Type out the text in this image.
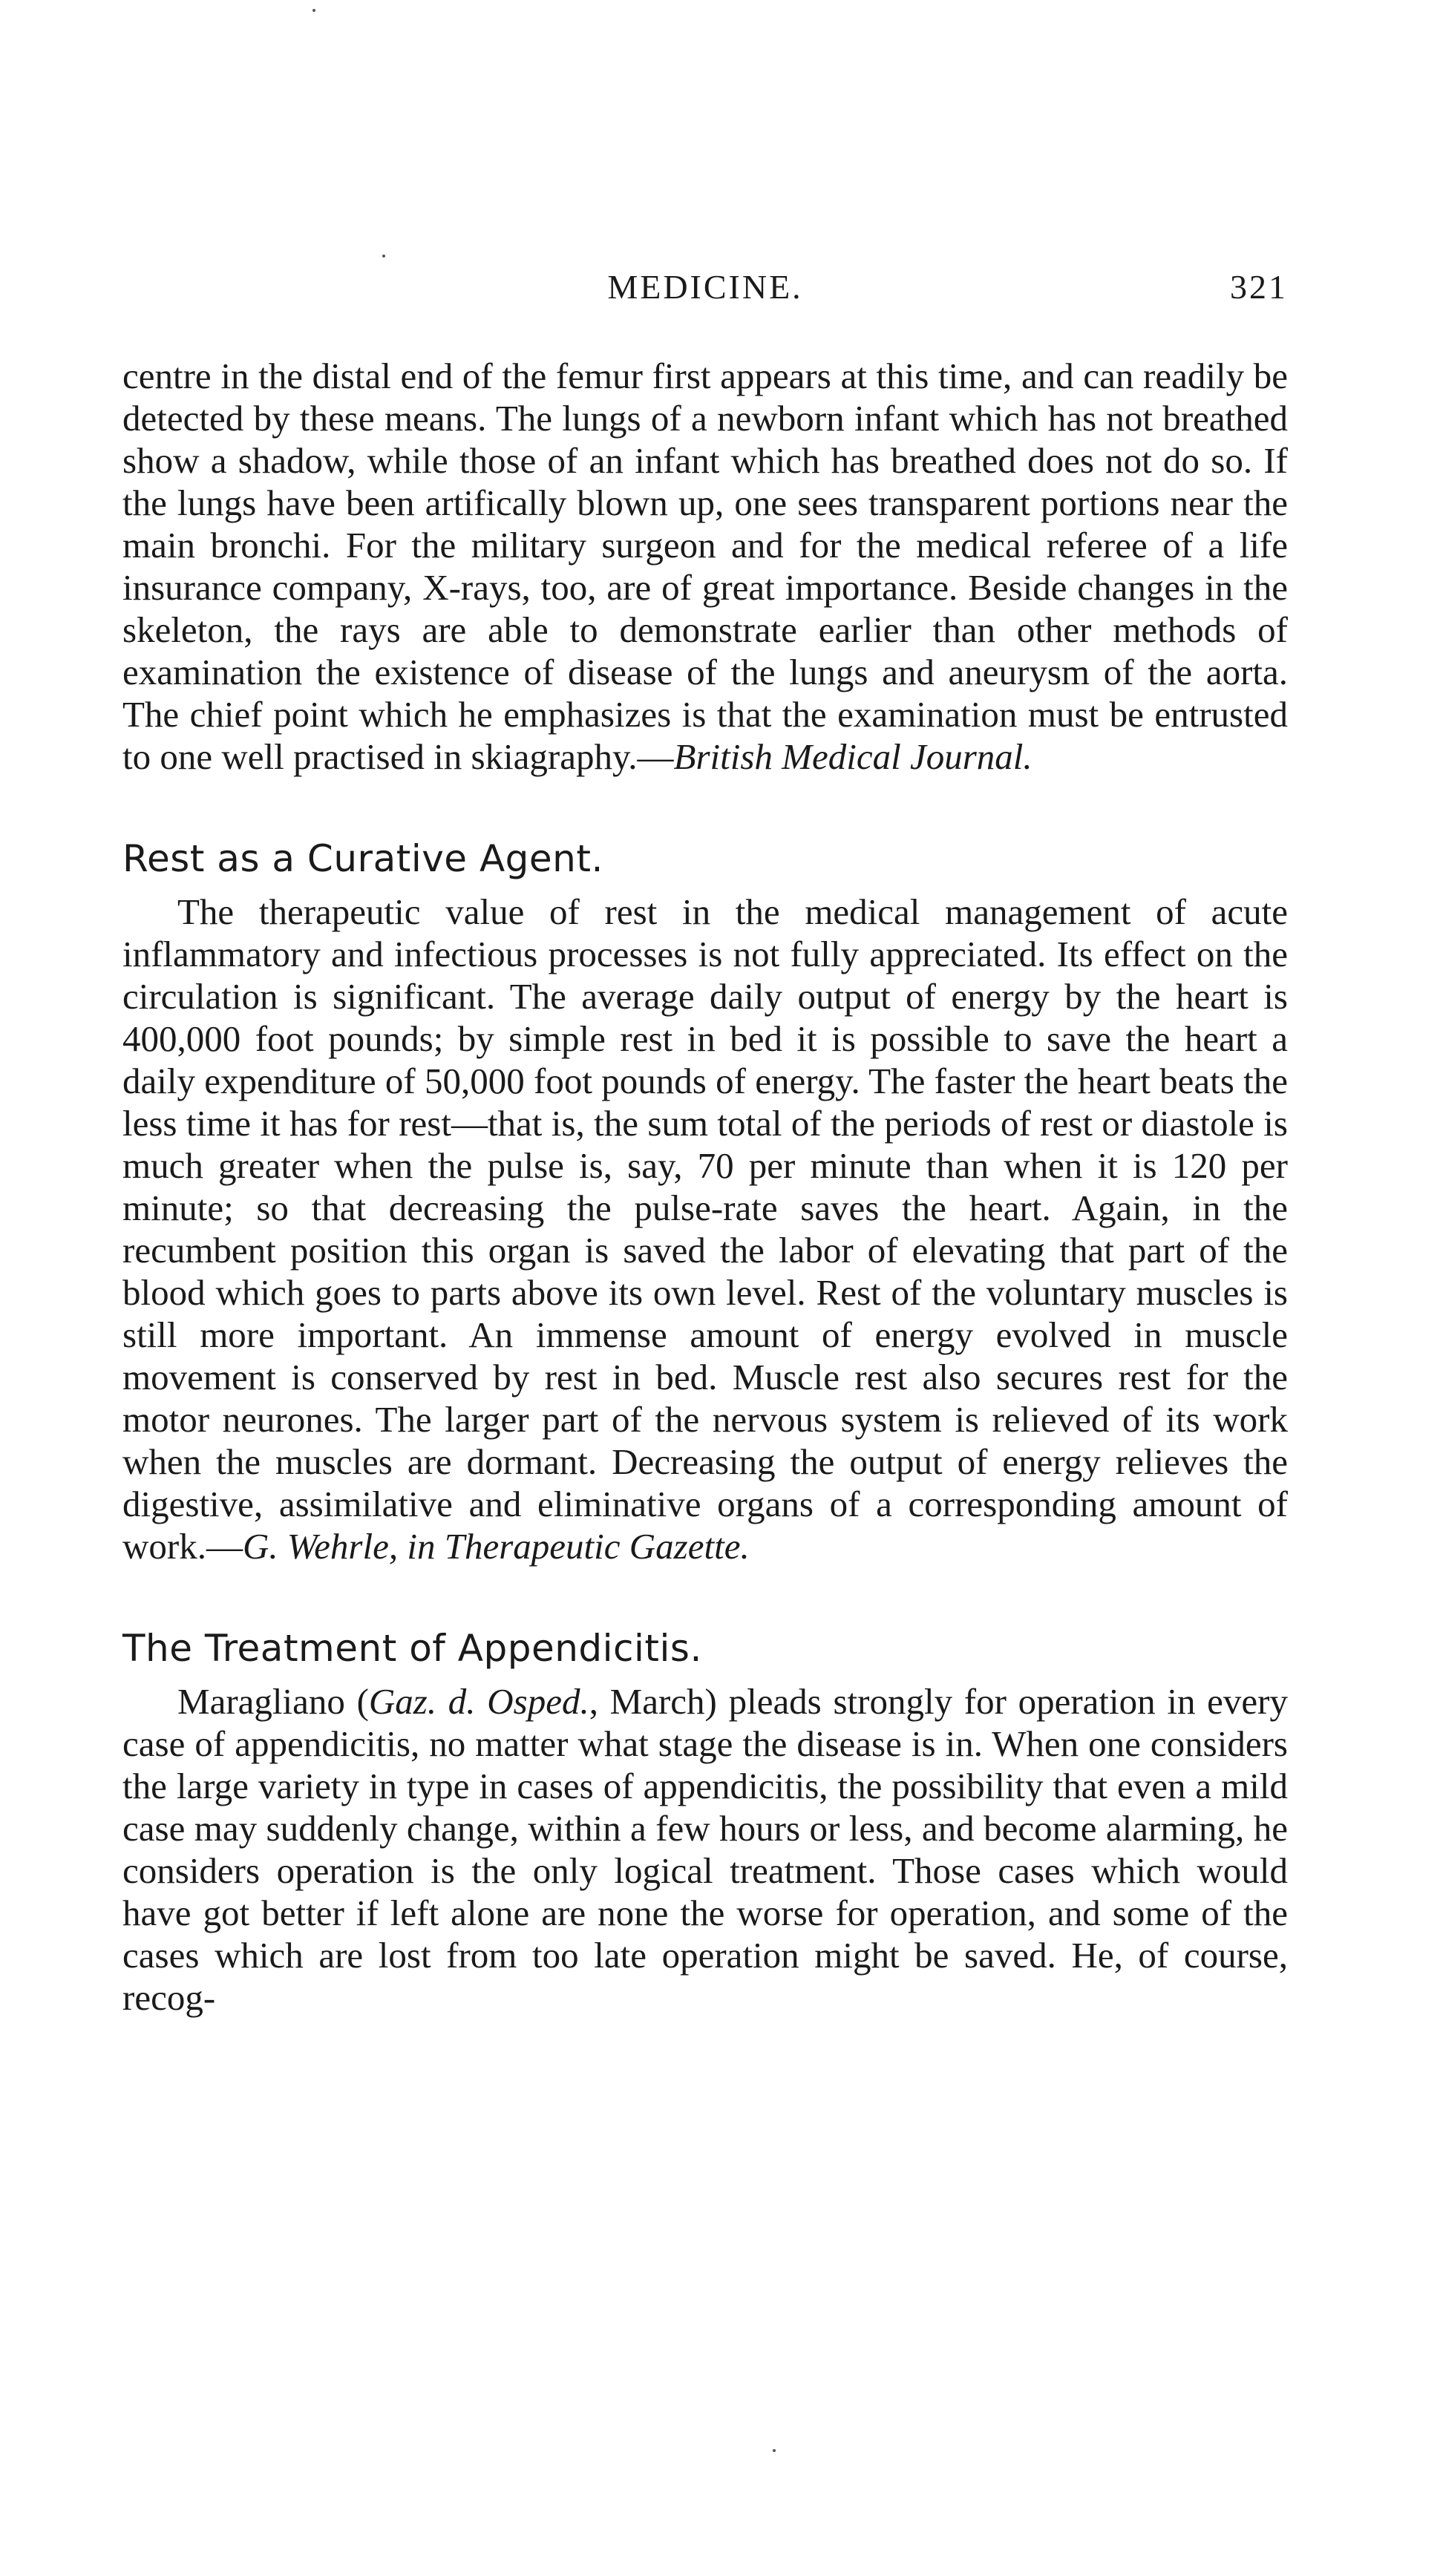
MEDICINE.	321

centre in the distal end of the femur first appears at this time, and can readily be detected by these means. The lungs of a newborn infant which has not breathed show a shadow, while those of an infant which has breathed does not do so. If the lungs have been artifically blown up, one sees transparent portions near the main bronchi. For the military surgeon and for the medical referee of a life insurance company, X-rays, too, are of great importance. Beside changes in the skeleton, the rays are able to demonstrate earlier than other methods of examination the existence of disease of the lungs and aneurysm of the aorta. The chief point which he emphasizes is that the examination must be entrusted to one well practised in skiagraphy.—British Medical Journal.

Rest as a Curative Agent.

The therapeutic value of rest in the medical management of acute inflammatory and infectious processes is not fully appreciated. Its effect on the circulation is significant. The average daily output of energy by the heart is 400,000 foot pounds; by simple rest in bed it is possible to save the heart a daily expenditure of 50,000 foot pounds of energy. The faster the heart beats the less time it has for rest—that is, the sum total of the periods of rest or diastole is much greater when the pulse is, say, 70 per minute than when it is 120 per minute; so that decreasing the pulse-rate saves the heart. Again, in the recumbent position this organ is saved the labor of elevating that part of the blood which goes to parts above its own level. Rest of the voluntary muscles is still more important. An immense amount of energy evolved in muscle movement is conserved by rest in bed. Muscle rest also secures rest for the motor neurones. The larger part of the nervous system is relieved of its work when the muscles are dormant. Decreasing the output of energy relieves the digestive, assimilative and eliminative organs of a corresponding amount of work.—G. Wehrle, in Therapeutic Gazette.

The Treatment of Appendicitis.

Maragliano (Gaz. d. Osped., March) pleads strongly for operation in every case of appendicitis, no matter what stage the disease is in. When one considers the large variety in type in cases of appendicitis, the possibility that even a mild case may suddenly change, within a few hours or less, and become alarming, he considers operation is the only logical treatment. Those cases which would have got better if left alone are none the worse for operation, and some of the cases which are lost from too late operation might be saved. He, of course, recog-
